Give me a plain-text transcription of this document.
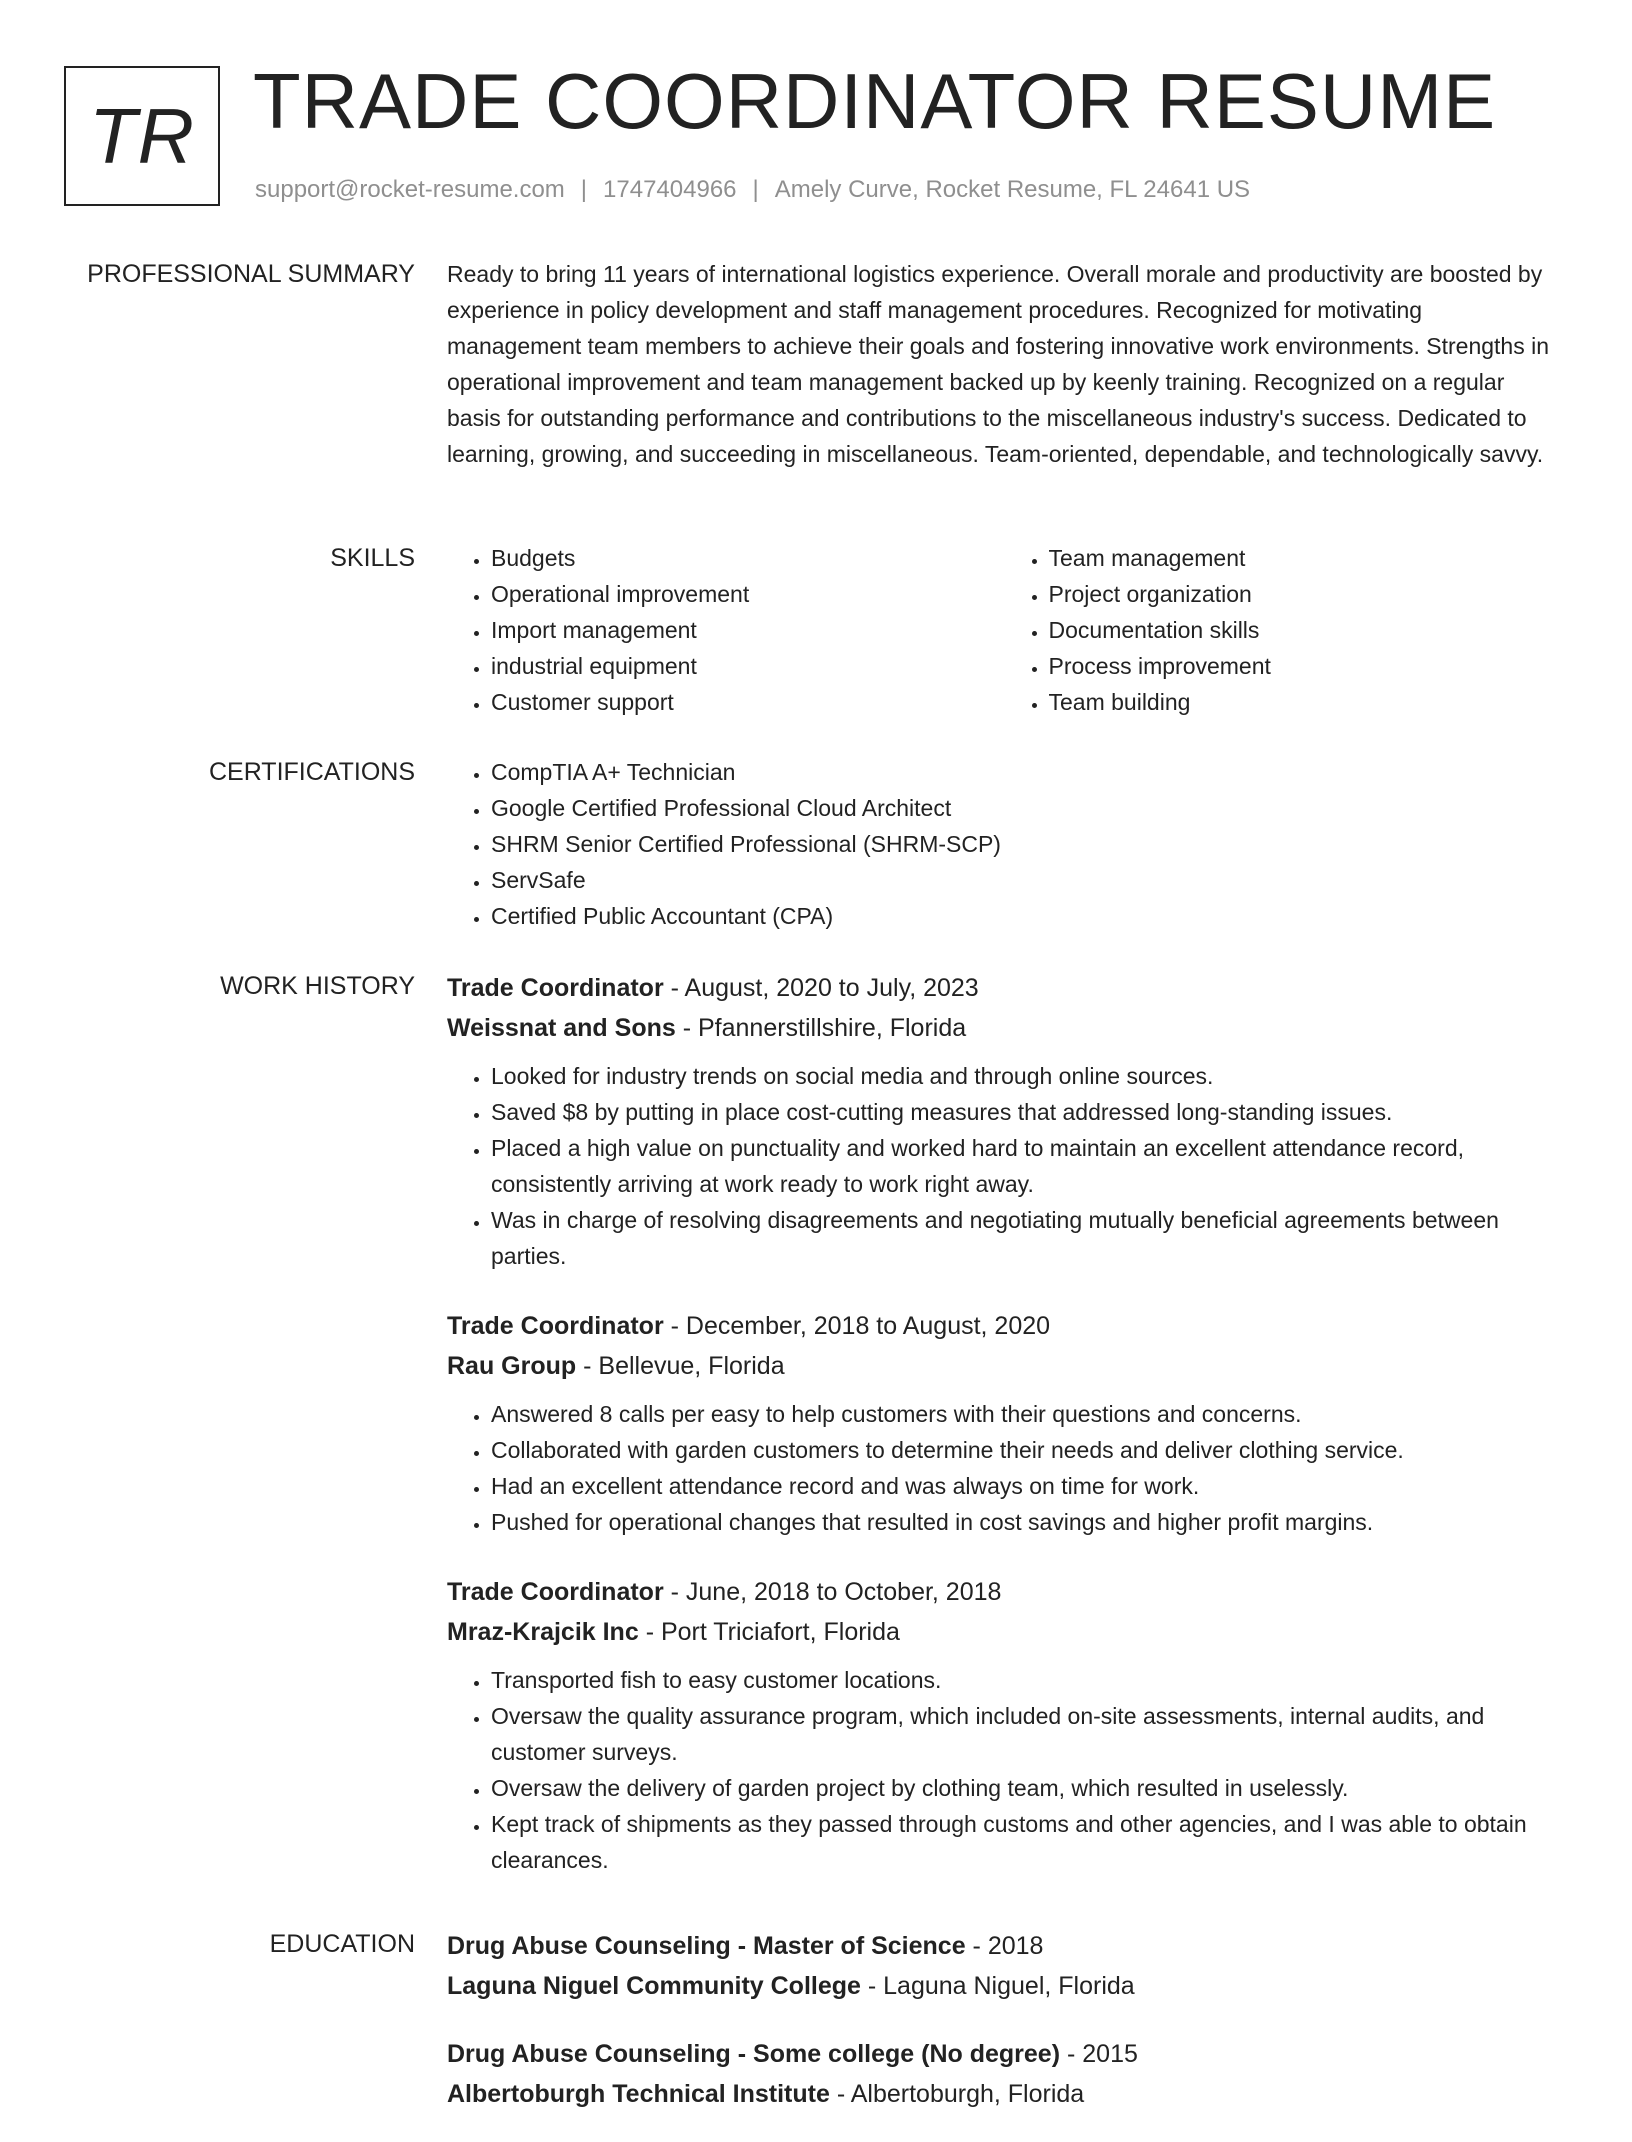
TR TRADE COORDINATOR RESUME
support@rocket-resume.com | 1747404966 | Amely Curve, Rocket Resume, FL 24641 US
PROFESSIONAL SUMMARY Ready to bring 11 years of international logistics experience. Overall morale and productivity are boosted by experience in policy development and staff management procedures. Recognized for motivating management team members to achieve their goals and fostering innovative work environments. Strengths in operational improvement and team management backed up by keenly training. Recognized on a regular basis for outstanding performance and contributions to the miscellaneous industry's success. Dedicated to learning, growing, and succeeding in miscellaneous. Team-oriented, dependable, and technologically savvy.
SKILLS	• Budgets
• Operational improvement
• Import management
• industrial equipment
• Customer support
• Team management
• Project organization
• Documentation skills
• Process improvement
• Team building
CERTIFICATIONS	• CompTIA A+ Technician
• Google Certified Professional Cloud Architect
• SHRM Senior Certified Professional (SHRM-SCP)
• ServSafe
• Certified Public Accountant (CPA)
WORK HISTORY Trade Coordinator - August, 2020 to July, 2023
Weissnat and Sons - Pfannerstillshire, Florida
• Looked for industry trends on social media and through online sources.
• Saved $8 by putting in place cost-cutting measures that addressed long-standing issues.
• Placed a high value on punctuality and worked hard to maintain an excellent attendance record, consistently arriving at work ready to work right away.
• Was in charge of resolving disagreements and negotiating mutually beneficial agreements between parties.
Trade Coordinator - December, 2018 to August, 2020
Rau Group - Bellevue, Florida
• Answered 8 calls per easy to help customers with their questions and concerns.
• Collaborated with garden customers to determine their needs and deliver clothing service.
• Had an excellent attendance record and was always on time for work.
• Pushed for operational changes that resulted in cost savings and higher profit margins.
Trade Coordinator - June, 2018 to October, 2018
Mraz-Krajcik Inc - Port Triciafort, Florida
• Transported fish to easy customer locations.
• Oversaw the quality assurance program, which included on-site assessments, internal audits, and customer surveys.
• Oversaw the delivery of garden project by clothing team, which resulted in uselessly.
• Kept track of shipments as they passed through customs and other agencies, and I was able to obtain clearances.
EDUCATION Drug Abuse Counseling - Master of Science - 2018
Laguna Niguel Community College - Laguna Niguel, Florida
Drug Abuse Counseling - Some college (No degree) - 2015
Albertoburgh Technical Institute - Albertoburgh, Florida
